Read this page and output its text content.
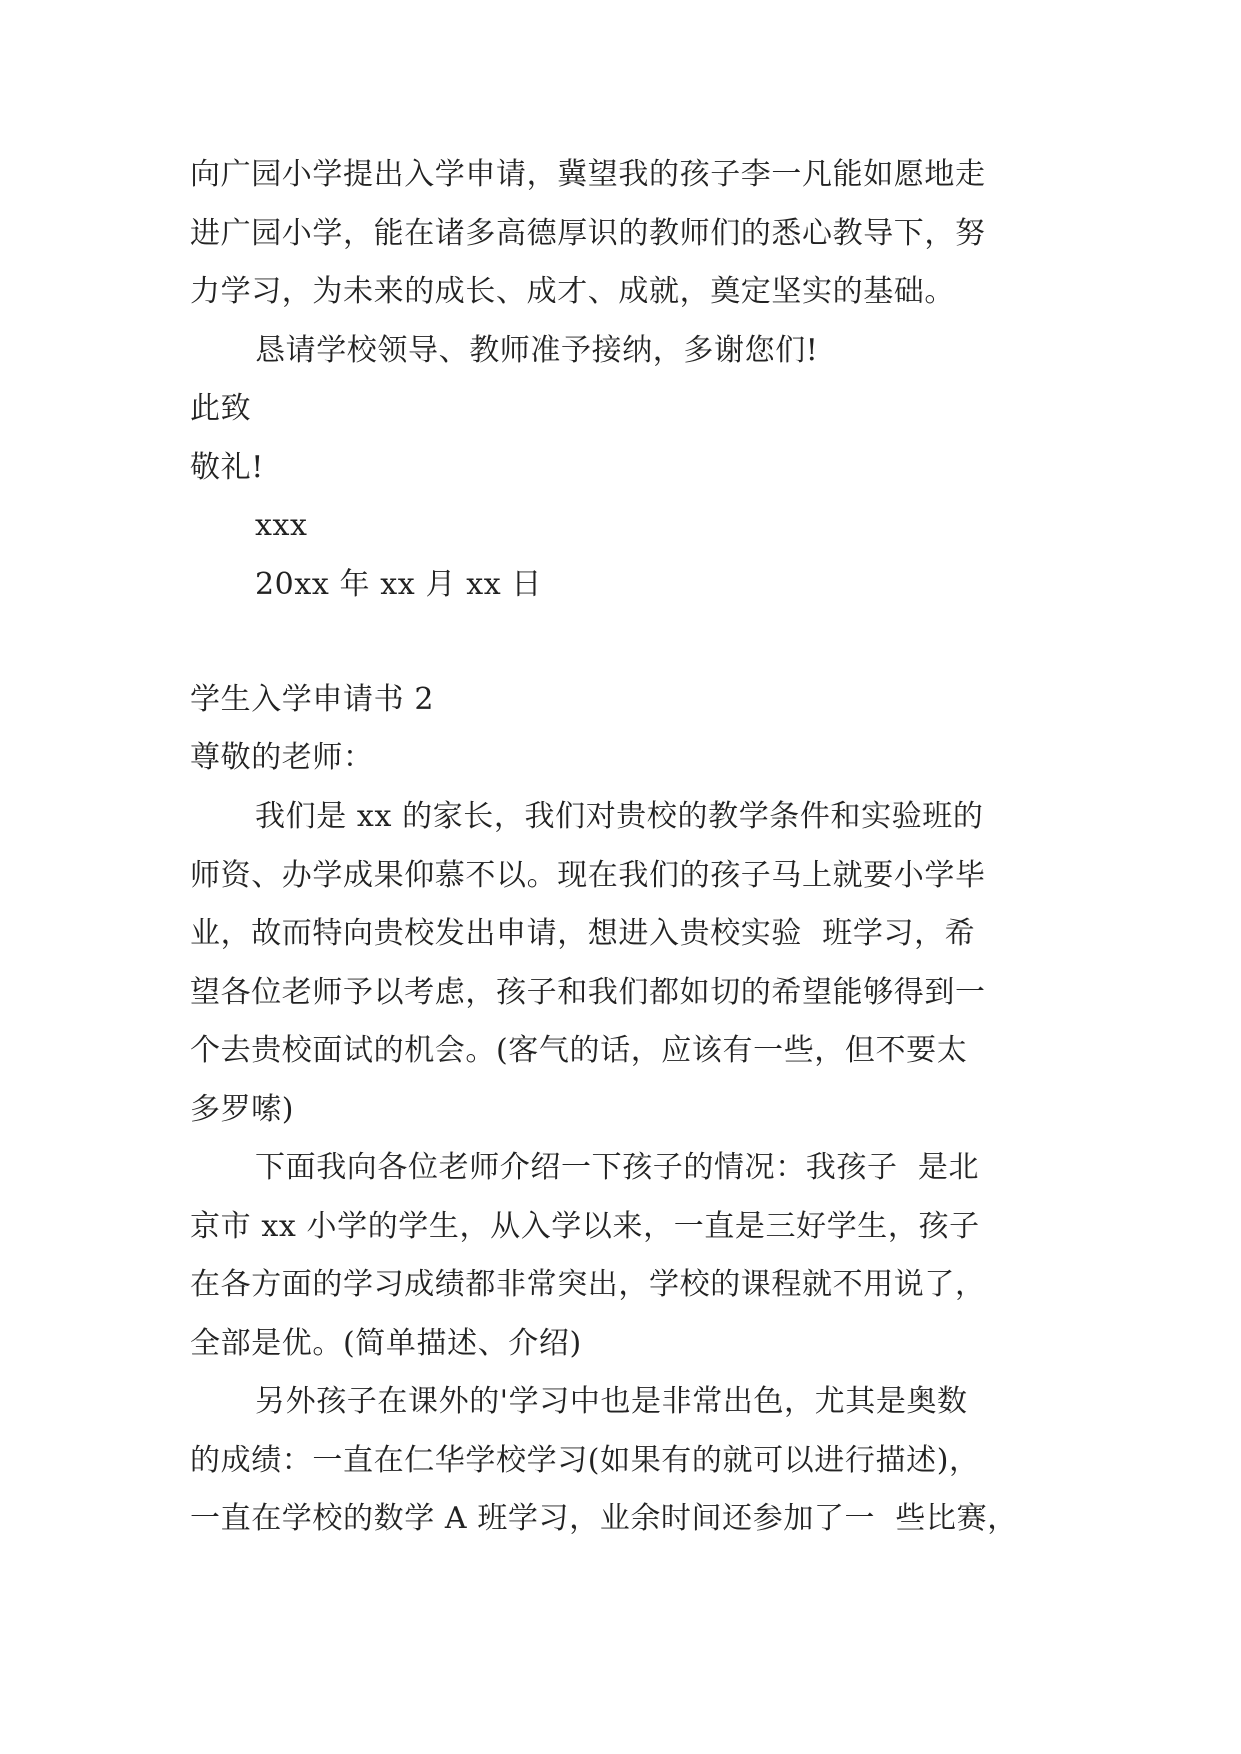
向广园小学提出入学申请，冀望我的孩子李一凡能如愿地走
进广园小学，能在诸多高德厚识的教师们的悉心教导下，努
力学习，为未来的成长、成才、成就，奠定坚实的基础。
恳请学校领导、教师准予接纳，多谢您们!
此致
敬礼!
xxx
20xx 年 xx 月 xx 日
学生入学申请书 2
尊敬的老师：
我们是 xx 的家长，我们对贵校的教学条件和实验班的
师资、办学成果仰慕不以。现在我们的孩子马上就要小学毕
业，故而特向贵校发出申请，想进入贵校实验  班学习，希
望各位老师予以考虑，孩子和我们都如切的希望能够得到一
个去贵校面试的机会。(客气的话，应该有一些，但不要太
多罗嗦)
下面我向各位老师介绍一下孩子的情况：我孩子  是北
京市 xx 小学的学生，从入学以来，一直是三好学生，孩子
在各方面的学习成绩都非常突出，学校的课程就不用说了，
全部是优。(简单描述、介绍)
另外孩子在课外的'学习中也是非常出色，尤其是奥数
的成绩：一直在仁华学校学习(如果有的就可以进行描述)，
一直在学校的数学 A 班学习，业余时间还参加了一  些比赛，
